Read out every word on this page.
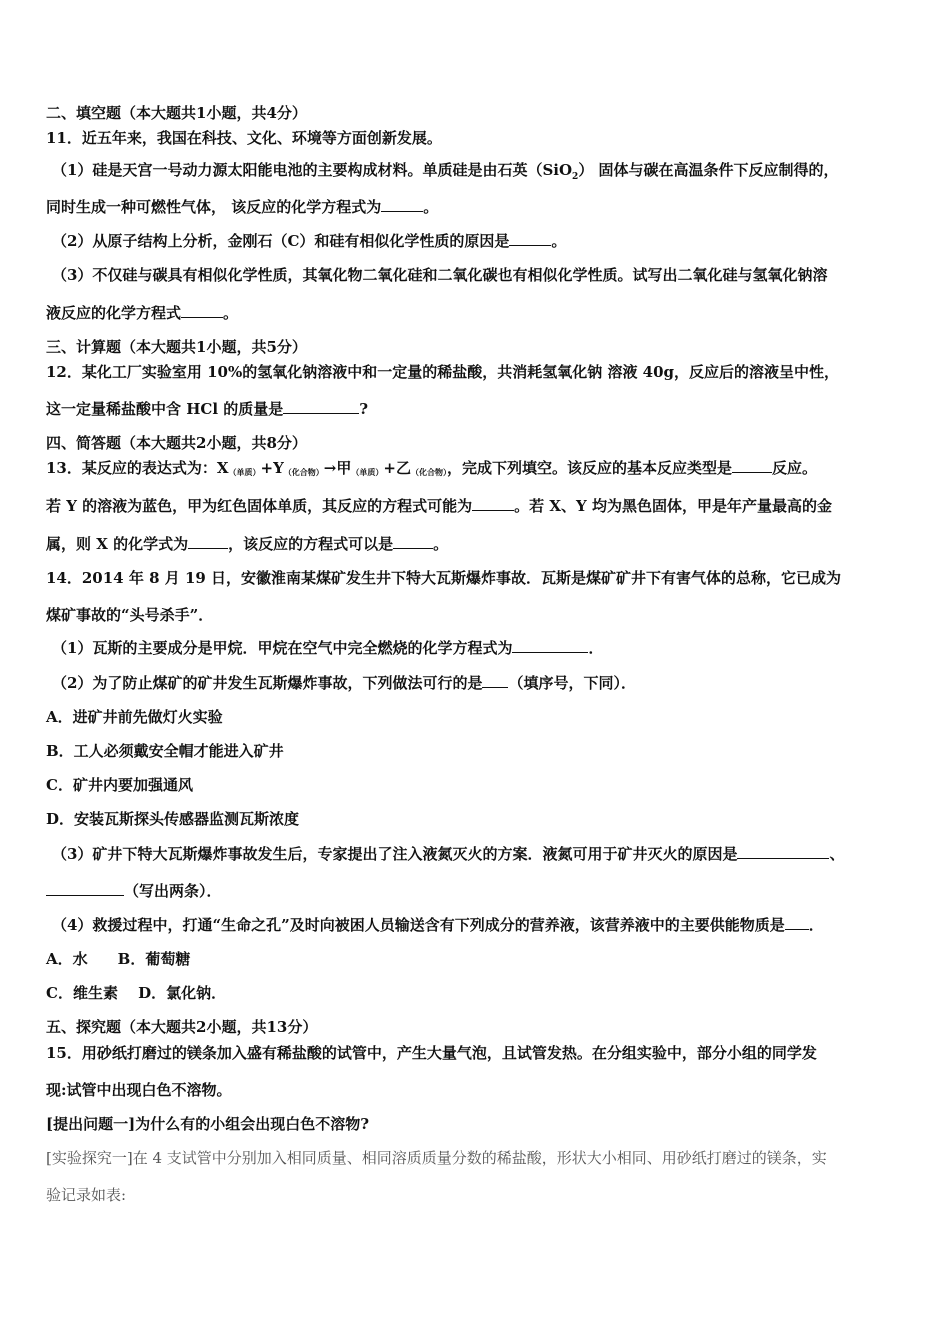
二、填空题（本大题共1小题，共4分）
11．近五年来，我国在科技、文化、环境等方面创新发展。
（1）硅是天宫一号动力源太阳能电池的主要构成材料。单质硅是由石英（SiO$_2$） 固体与碳在高温条件下反应制得的，
同时生成一种可燃性气体， 该反应的化学方程式为	。
（2）从原子结构上分析，金刚石（C）和硅有相似化学性质的原因是	。
（3）不仅硅与碳具有相似化学性质，其氧化物二氧化硅和二氧化碳也有相似化学性质。试写出二氧化硅与氢氧化钠溶
液反应的化学方程式	。
三、计算题（本大题共1小题，共5分）
12．某化工厂实验室用 10%的氢氧化钠溶液中和一定量的稀盐酸，共消耗氢氧化钠 溶液 40g，反应后的溶液呈中性，
这一定量稀盐酸中含 HCl 的质量是	?
四、简答题（本大题共2小题，共8分）
13．某反应的表达式为：X（单质）+Y（化合物）→甲（单质）+乙（化合物），完成下列填空。该反应的基本反应类型是	反应。
若 Y 的溶液为蓝色，甲为红色固体单质，其反应的方程式可能为	。若 X、Y 均为黑色固体，甲是年产量最高的金
属，则 X 的化学式为	，该反应的方程式可以是	。
14．2014 年 8 月 19 日，安徽淮南某煤矿发生井下特大瓦斯爆炸事故．瓦斯是煤矿矿井下有害气体的总称，它已成为
煤矿事故的“头号杀手”．
（1）瓦斯的主要成分是甲烷．甲烷在空气中完全燃烧的化学方程式为	．
（2）为了防止煤矿的矿井发生瓦斯爆炸事故，下列做法可行的是 （填序号，下同）．
A．进矿井前先做灯火实验
B．工人必须戴安全帽才能进入矿井
C．矿井内要加强通风
D．安装瓦斯探头传感器监测瓦斯浓度
（3）矿井下特大瓦斯爆炸事故发生后，专家提出了注入液氮灭火的方案．液氮可用于矿井灭火的原因是	、
（写出两条）．
（4）救援过程中，打通“生命之孔”及时向被困人员输送含有下列成分的营养液，该营养液中的主要供能物质是 ．
A．水　　B．葡萄糖
C．维生素　 D．氯化钠．
五、探究题（本大题共2小题，共13分）
15．用砂纸打磨过的镁条加入盛有稀盐酸的试管中，产生大量气泡，且试管发热。在分组实验中，部分小组的同学发
现:试管中出现白色不溶物。
[提出问题一]为什么有的小组会出现白色不溶物?
[实验探究一]在 4 支试管中分别加入相同质量、相同溶质质量分数的稀盐酸，形状大小相同、用砂纸打磨过的镁条，实
验记录如表:
